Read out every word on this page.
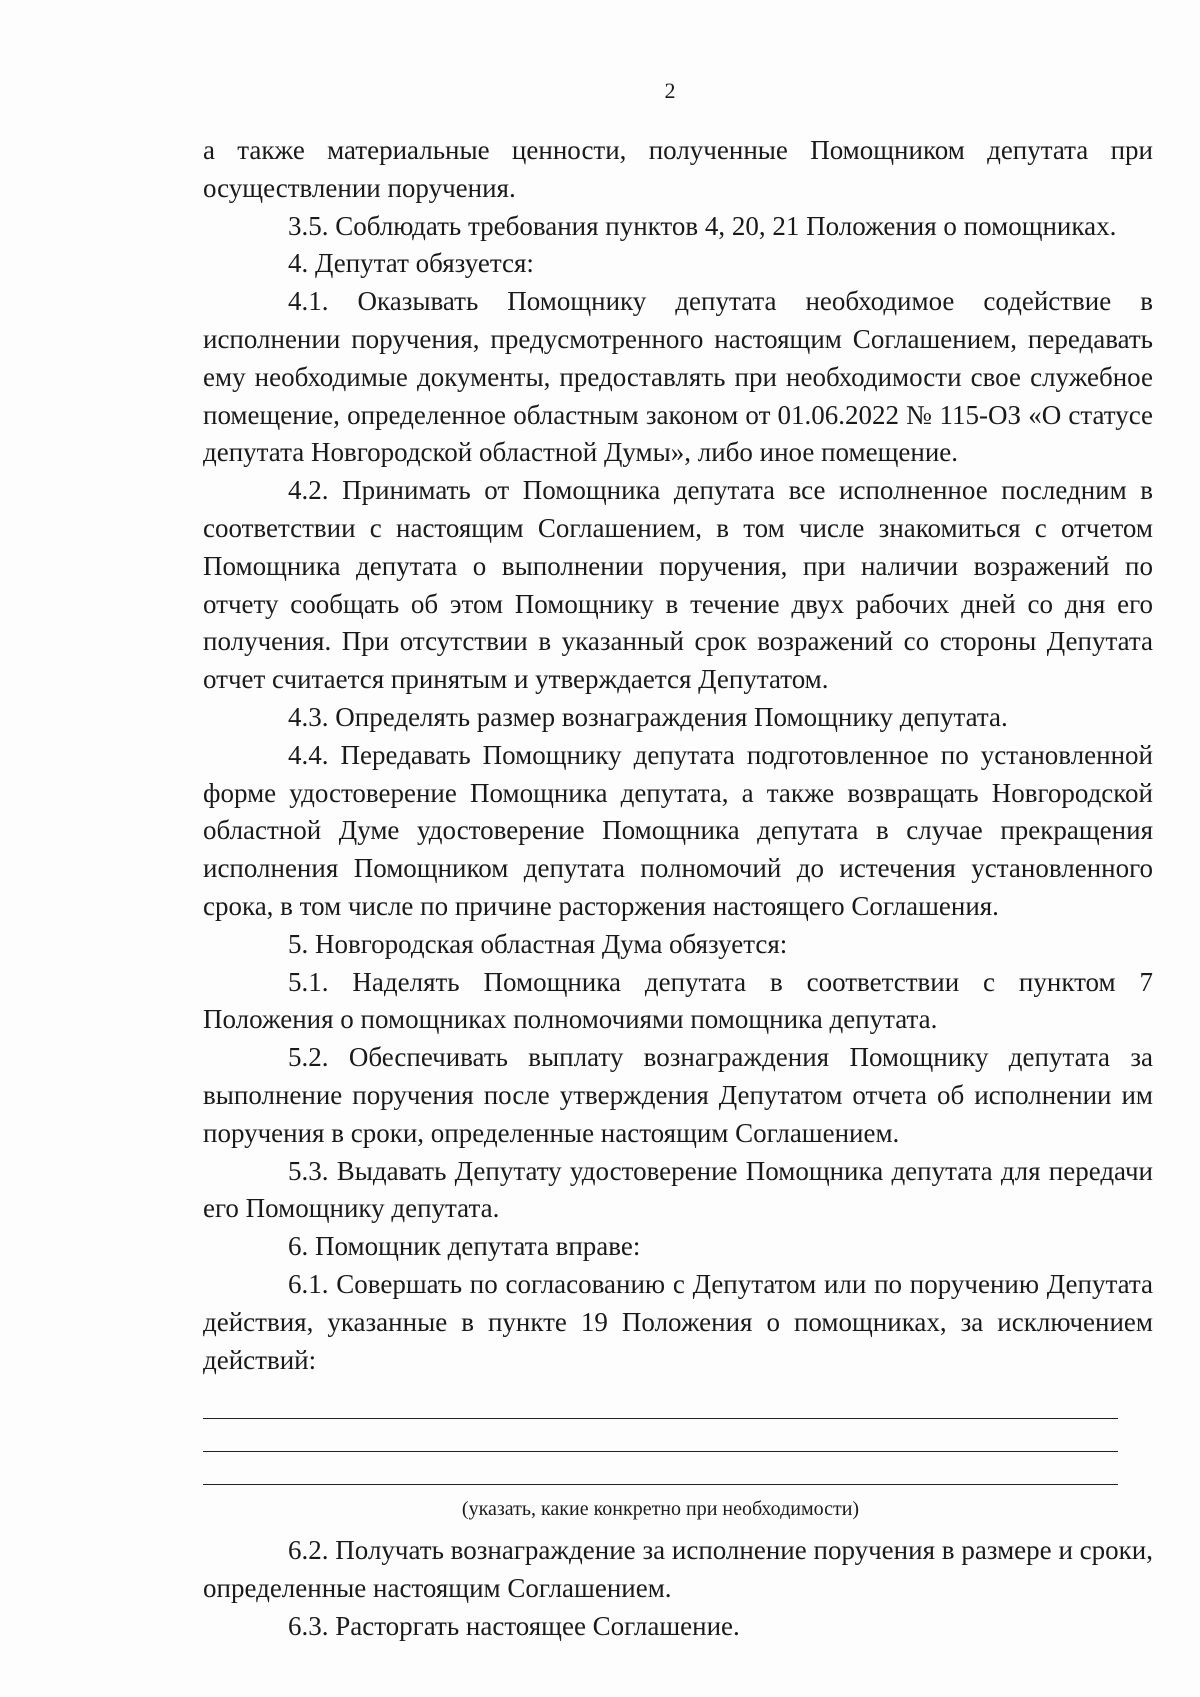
2

а также материальные ценности, полученные Помощником депутата при осуществлении поручения.

3.5. Соблюдать требования пунктов 4, 20, 21 Положения о помощниках.

4. Депутат обязуется:

4.1. Оказывать Помощнику депутата необходимое содействие в исполнении поручения, предусмотренного настоящим Соглашением, передавать ему необходимые документы, предоставлять при необходимости свое служебное помещение, определенное областным законом от 01.06.2022 № 115-ОЗ «О статусе депутата Новгородской областной Думы», либо иное помещение.

4.2. Принимать от Помощника депутата все исполненное последним в соответствии с настоящим Соглашением, в том числе знакомиться с отчетом Помощника депутата о выполнении поручения, при наличии возражений по отчету сообщать об этом Помощнику в течение двух рабочих дней со дня его получения. При отсутствии в указанный срок возражений со стороны Депутата отчет считается принятым и утверждается Депутатом.

4.3. Определять размер вознаграждения Помощнику депутата.

4.4. Передавать Помощнику депутата подготовленное по установленной форме удостоверение Помощника депутата, а также возвращать Новгородской областной Думе удостоверение Помощника депутата в случае прекращения исполнения Помощником депутата полномочий до истечения установленного срока, в том числе по причине расторжения настоящего Соглашения.

5. Новгородская областная Дума обязуется:

5.1. Наделять Помощника депутата в соответствии с пунктом 7 Положения о помощниках полномочиями помощника депутата.

5.2. Обеспечивать выплату вознаграждения Помощнику депутата за выполнение поручения после утверждения Депутатом отчета об исполнении им поручения в сроки, определенные настоящим Соглашением.

5.3. Выдавать Депутату удостоверение Помощника депутата для передачи его Помощнику депутата.

6. Помощник депутата вправе:

6.1. Совершать по согласованию с Депутатом или по поручению Депутата действия, указанные в пункте 19 Положения о помощниках, за исключением действий:

(указать, какие конкретно при необходимости)

6.2. Получать вознаграждение за исполнение поручения в размере и сроки, определенные настоящим Соглашением.

6.3. Расторгать настоящее Соглашение.
